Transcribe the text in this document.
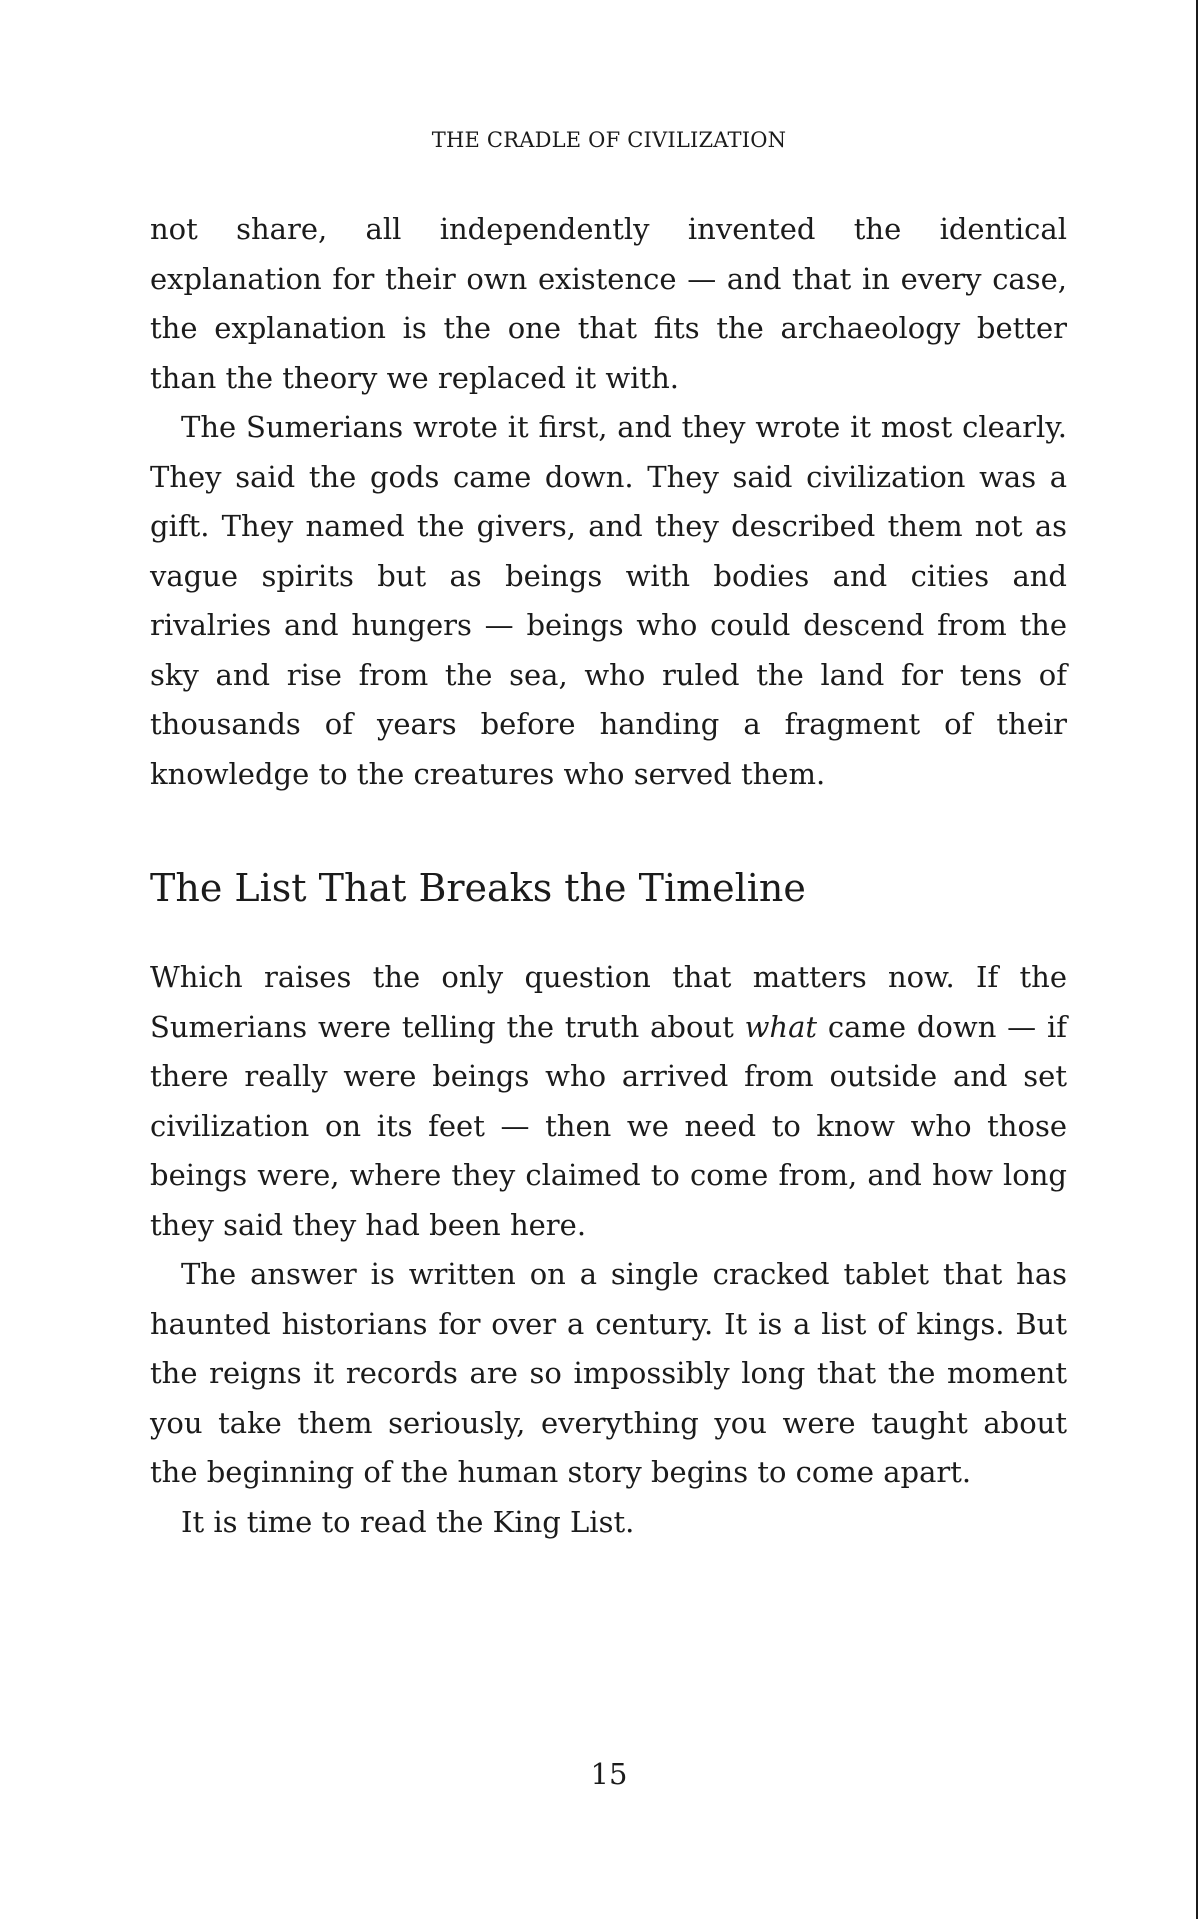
THE CRADLE OF CIVILIZATION

not share, all independently invented the identical explanation for their own existence — and that in every case, the explanation is the one that fits the archaeology better than the theory we replaced it with.

The Sumerians wrote it first, and they wrote it most clearly. They said the gods came down. They said civilization was a gift. They named the givers, and they described them not as vague spirits but as beings with bodies and cities and rivalries and hungers — beings who could descend from the sky and rise from the sea, who ruled the land for tens of thousands of years before handing a fragment of their knowledge to the creatures who served them.

The List That Breaks the Timeline

Which raises the only question that matters now. If the Sumerians were telling the truth about what came down — if there really were beings who arrived from outside and set civilization on its feet — then we need to know who those beings were, where they claimed to come from, and how long they said they had been here.

The answer is written on a single cracked tablet that has haunted historians for over a century. It is a list of kings. But the reigns it records are so impossibly long that the moment you take them seriously, everything you were taught about the beginning of the human story begins to come apart.

It is time to read the King List.

15
